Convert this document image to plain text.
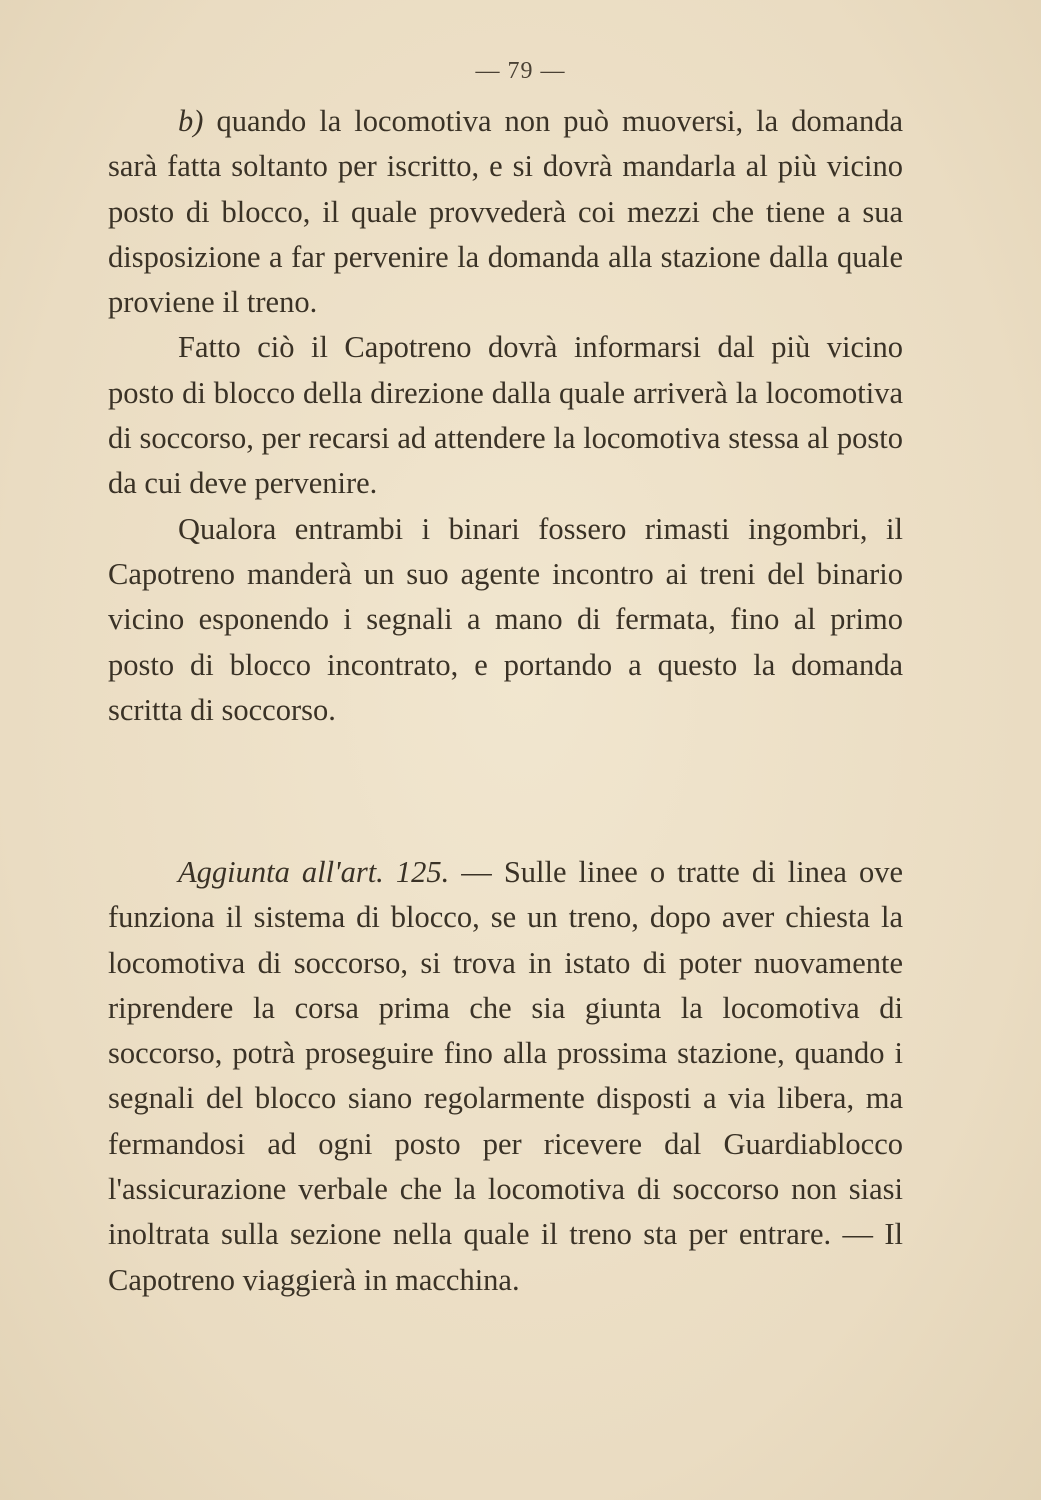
— 79 —

b) quando la locomotiva non può muoversi, la domanda sarà fatta soltanto per iscritto, e si dovrà mandarla al più vicino posto di blocco, il quale provvederà coi mezzi che tiene a sua disposizione a far pervenire la domanda alla stazione dalla quale proviene il treno.

Fatto ciò il Capotreno dovrà informarsi dal più vicino posto di blocco della direzione dalla quale arriverà la locomotiva di soccorso, per recarsi ad attendere la locomotiva stessa al posto da cui deve pervenire.

Qualora entrambi i binari fossero rimasti ingombri, il Capotreno manderà un suo agente incontro ai treni del binario vicino esponendo i segnali a mano di fermata, fino al primo posto di blocco incontrato, e portando a questo la domanda scritta di soccorso.

Aggiunta all'art. 125. — Sulle linee o tratte di linea ove funziona il sistema di blocco, se un treno, dopo aver chiesta la locomotiva di soccorso, si trova in istato di poter nuovamente riprendere la corsa prima che sia giunta la locomotiva di soccorso, potrà proseguire fino alla prossima stazione, quando i segnali del blocco siano regolarmente disposti a via libera, ma fermandosi ad ogni posto per ricevere dal Guardiablocco l'assicurazione verbale che la locomotiva di soccorso non siasi inoltrata sulla sezione nella quale il treno sta per entrare. — Il Capotreno viaggierà in macchina.
